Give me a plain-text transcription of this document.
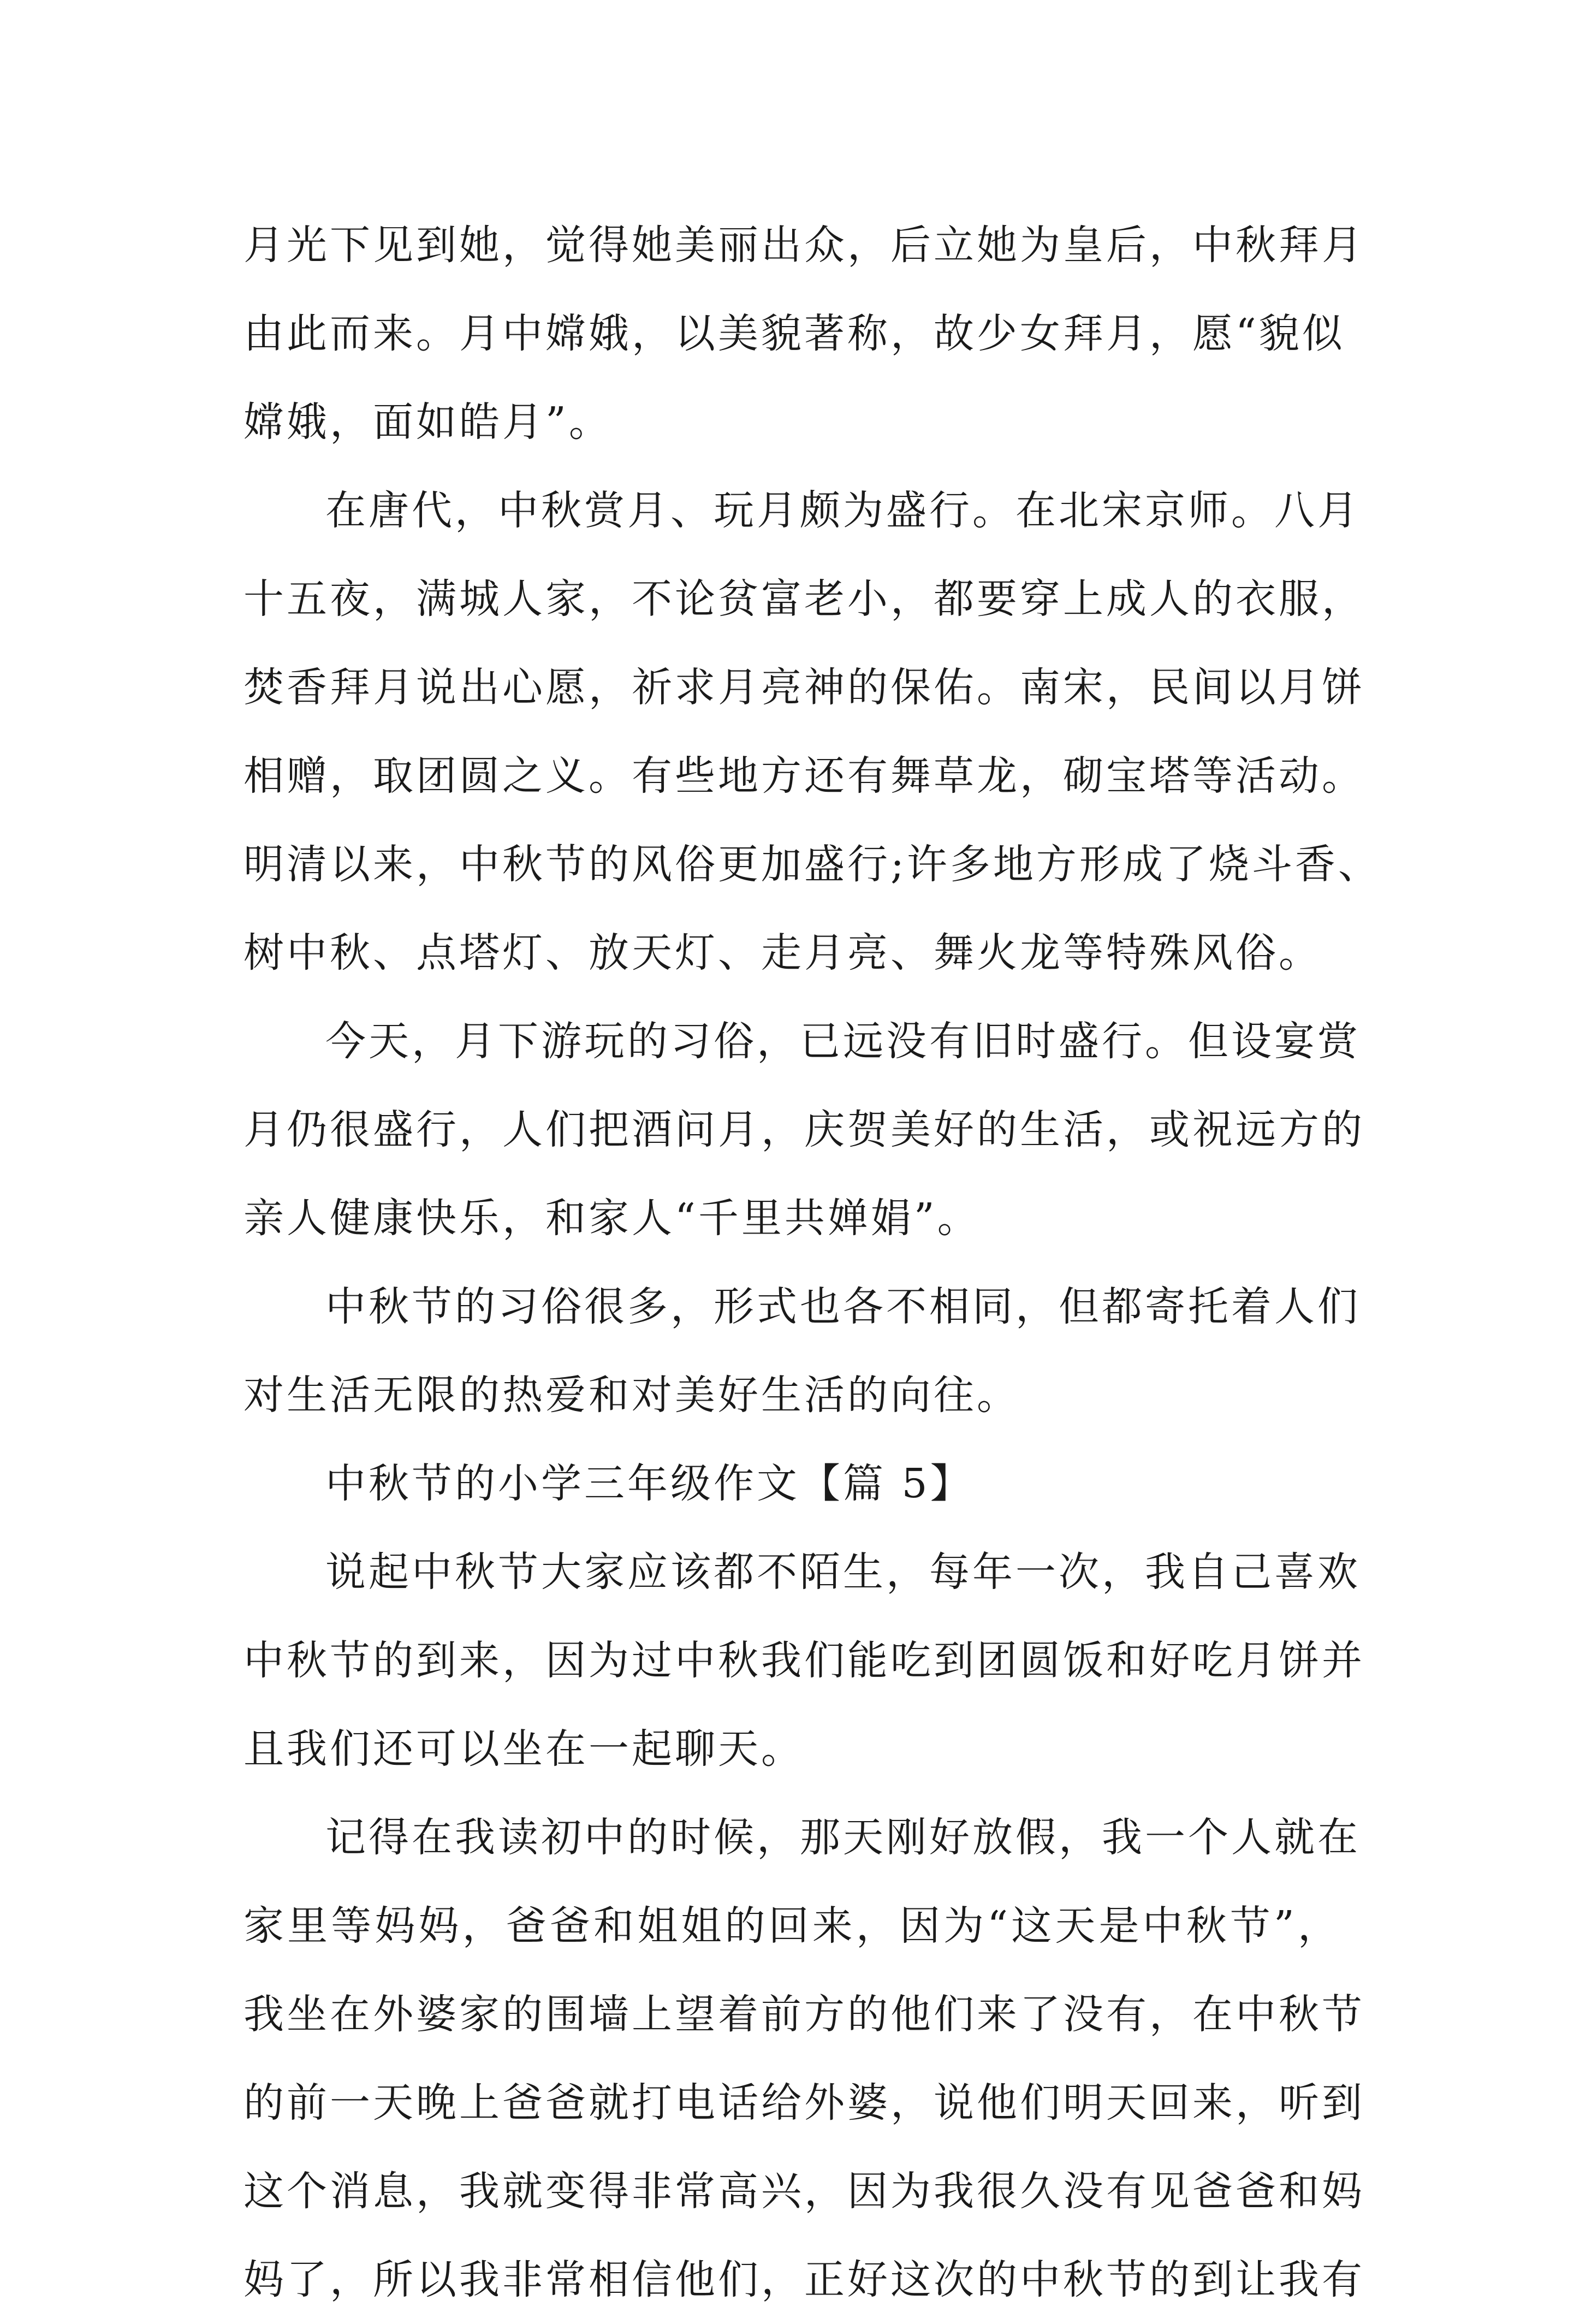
月光下见到她，觉得她美丽出众，后立她为皇后，中秋拜月
由此而来。月中嫦娥，以美貌著称，故少女拜月，愿“貌似
嫦娥，面如皓月”。
在唐代，中秋赏月、玩月颇为盛行。在北宋京师。八月
十五夜，满城人家，不论贫富老小，都要穿上成人的衣服，
焚香拜月说出心愿，祈求月亮神的保佑。南宋，民间以月饼
相赠，取团圆之义。有些地方还有舞草龙，砌宝塔等活动。
明清以来，中秋节的风俗更加盛行;许多地方形成了烧斗香、
树中秋、点塔灯、放天灯、走月亮、舞火龙等特殊风俗。
今天，月下游玩的习俗，已远没有旧时盛行。但设宴赏
月仍很盛行，人们把酒问月，庆贺美好的生活，或祝远方的
亲人健康快乐，和家人“千里共婵娟”。
中秋节的习俗很多，形式也各不相同，但都寄托着人们
对生活无限的热爱和对美好生活的向往。
中秋节的小学三年级作文【篇 5】
说起中秋节大家应该都不陌生，每年一次，我自己喜欢
中秋节的到来，因为过中秋我们能吃到团圆饭和好吃月饼并
且我们还可以坐在一起聊天。
记得在我读初中的时候，那天刚好放假，我一个人就在
家里等妈妈，爸爸和姐姐的回来，因为“这天是中秋节”，
我坐在外婆家的围墙上望着前方的他们来了没有，在中秋节
的前一天晚上爸爸就打电话给外婆，说他们明天回来，听到
这个消息，我就变得非常高兴，因为我很久没有见爸爸和妈
妈了，所以我非常相信他们，正好这次的中秋节的到让我有
